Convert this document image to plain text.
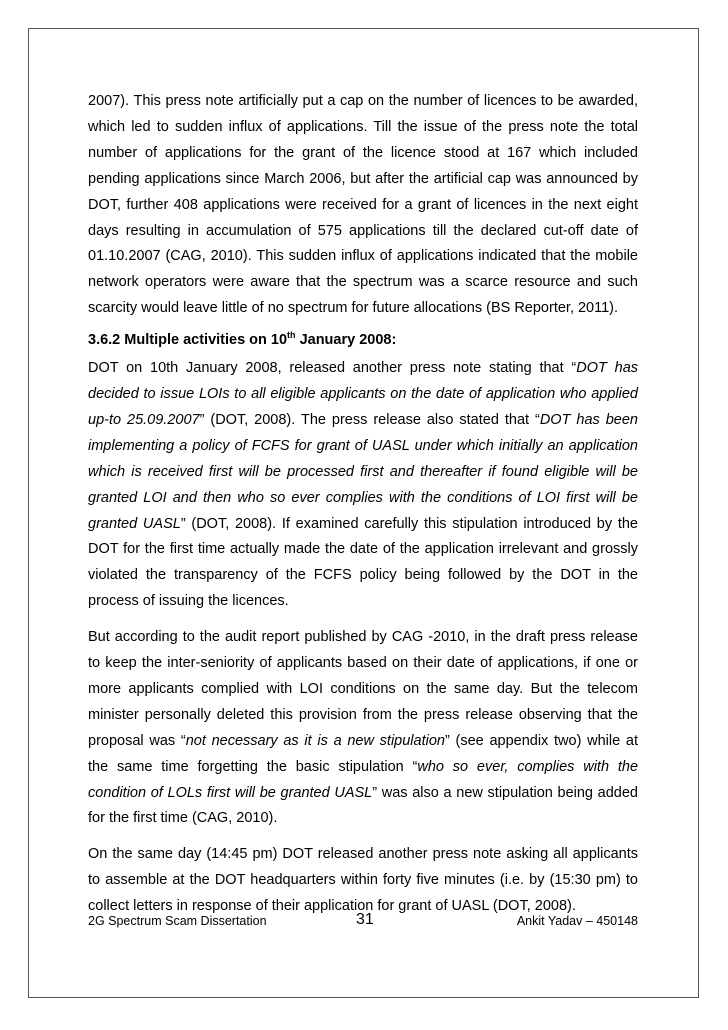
2007). This press note artificially put a cap on the number of licences to be awarded, which led to sudden influx of applications. Till the issue of the press note the total number of applications for the grant of the licence stood at 167 which included pending applications since March 2006, but after the artificial cap was announced by DOT, further 408 applications were received for a grant of licences in the next eight days resulting in accumulation of 575 applications till the declared cut-off date of 01.10.2007 (CAG, 2010). This sudden influx of applications indicated that the mobile network operators were aware that the spectrum was a scarce resource and such scarcity would leave little of no spectrum for future allocations (BS Reporter, 2011).

3.6.2 Multiple activities on 10th January 2008:

DOT on 10th January 2008, released another press note stating that “DOT has decided to issue LOIs to all eligible applicants on the date of application who applied up-to 25.09.2007” (DOT, 2008). The press release also stated that “DOT has been implementing a policy of FCFS for grant of UASL under which initially an application which is received first will be processed first and thereafter if found eligible will be granted LOI and then who so ever complies with the conditions of LOI first will be granted UASL” (DOT, 2008). If examined carefully this stipulation introduced by the DOT for the first time actually made the date of the application irrelevant and grossly violated the transparency of the FCFS policy being followed by the DOT in the process of issuing the licences.

But according to the audit report published by CAG -2010, in the draft press release to keep the inter-seniority of applicants based on their date of applications, if one or more applicants complied with LOI conditions on the same day. But the telecom minister personally deleted this provision from the press release observing that the proposal was “not necessary as it is a new stipulation” (see appendix two) while at the same time forgetting the basic stipulation “who so ever, complies with the condition of LOLs first will be granted UASL” was also a new stipulation being added for the first time (CAG, 2010).

On the same day (14:45 pm) DOT released another press note asking all applicants to assemble at the DOT headquarters within forty five minutes (i.e. by (15:30 pm) to collect letters in response of their application for grant of UASL (DOT, 2008).

2G Spectrum Scam Dissertation	31	Ankit Yadav – 450148
